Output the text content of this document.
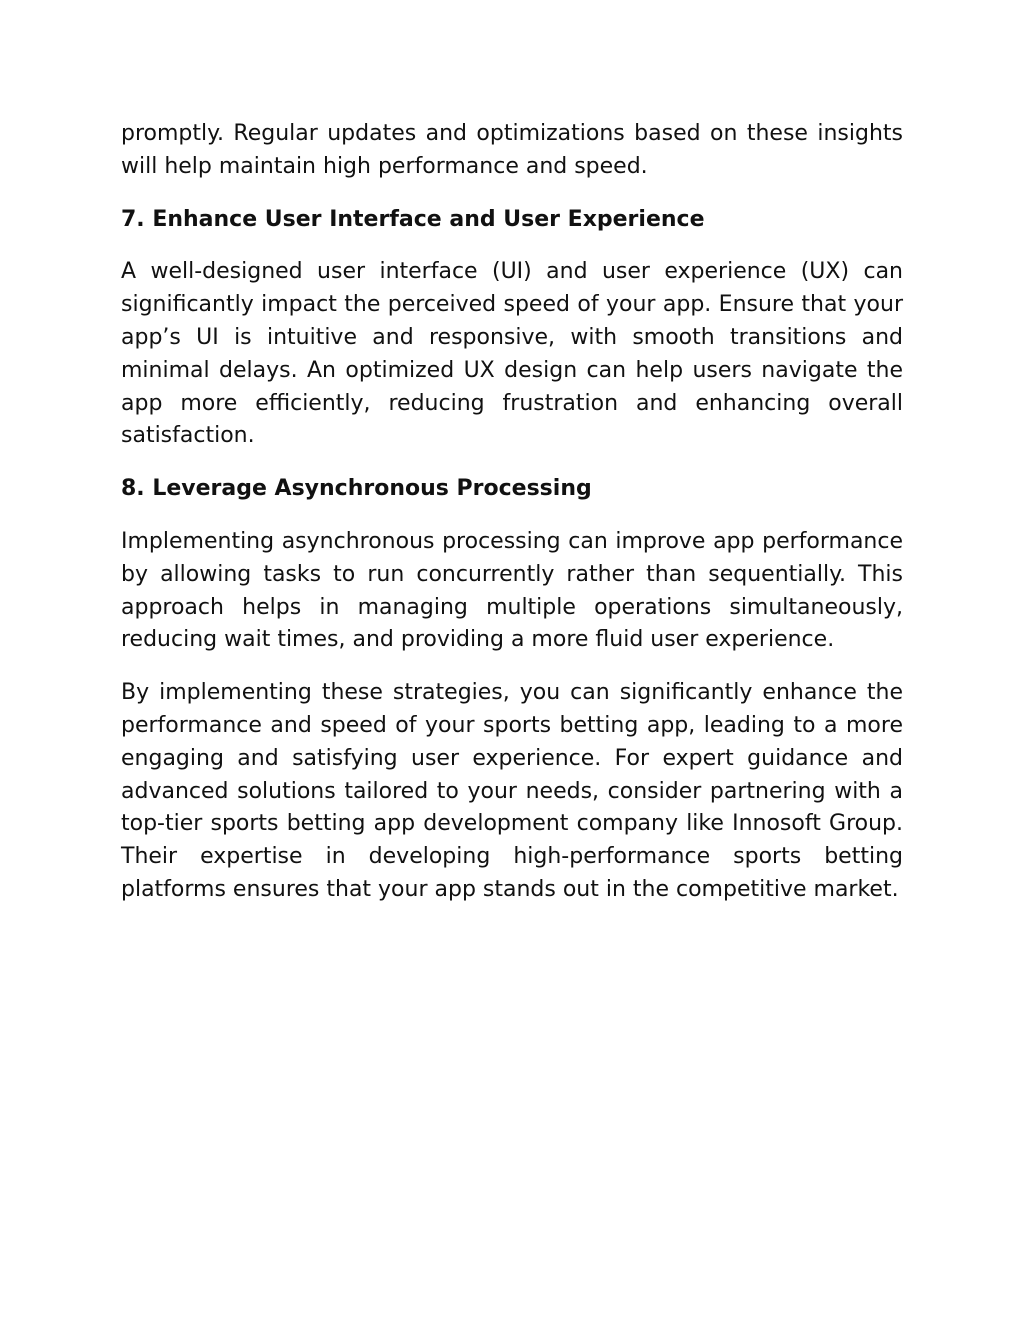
promptly. Regular updates and optimizations based on these insights will help maintain high performance and speed.

7. Enhance User Interface and User Experience

A well-designed user interface (UI) and user experience (UX) can significantly impact the perceived speed of your app. Ensure that your app’s UI is intuitive and responsive, with smooth transitions and minimal delays. An optimized UX design can help users navigate the app more efficiently, reducing frustration and enhancing overall satisfaction.

8. Leverage Asynchronous Processing

Implementing asynchronous processing can improve app performance by allowing tasks to run concurrently rather than sequentially. This approach helps in managing multiple operations simultaneously, reducing wait times, and providing a more fluid user experience.

By implementing these strategies, you can significantly enhance the performance and speed of your sports betting app, leading to a more engaging and satisfying user experience. For expert guidance and advanced solutions tailored to your needs, consider partnering with a top-tier sports betting app development company like Innosoft Group. Their expertise in developing high-performance sports betting platforms ensures that your app stands out in the competitive market.
